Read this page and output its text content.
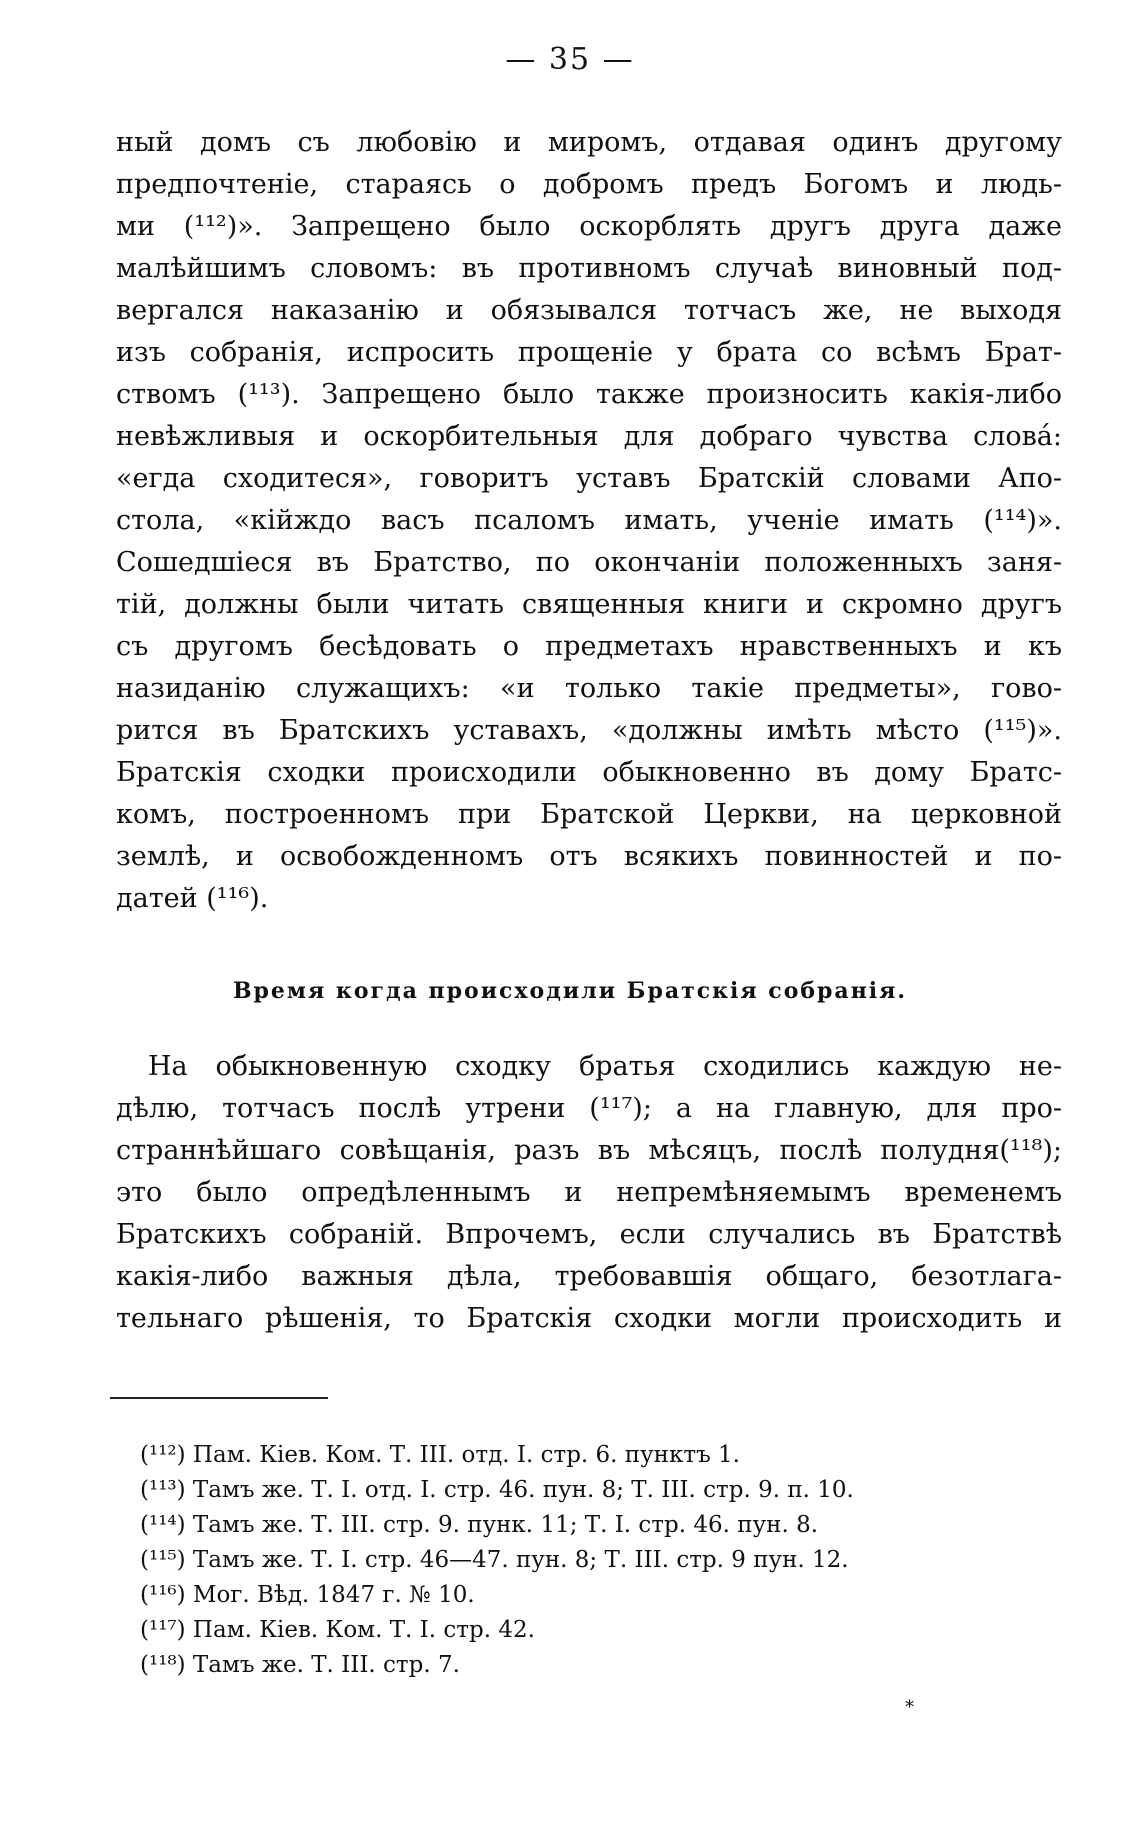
— 35 —
ный домъ съ любовію и миромъ, отдавая одинъ другому
предпочтеніе, стараясь о добромъ предъ Богомъ и людь-
ми (¹¹²)». Запрещено было оскорблять другъ друга даже
малѣйшимъ словомъ: въ противномъ случаѣ виновный под-
вергался наказанію и обязывался тотчасъ же, не выходя
изъ собранія, испросить прощеніе у брата со всѣмъ Брат-
ствомъ (¹¹³). Запрещено было также произносить какія-либо
невѣжливыя и оскорбительныя для добраго чувства слова́:
«егда сходитеся», говоритъ уставъ Братскій словами Апо-
стола, «кійждо васъ псаломъ имать, ученіе имать (¹¹⁴)».
Сошедшіеся въ Братство, по окончаніи положенныхъ заня-
тій, должны были читать священныя книги и скромно другъ
съ другомъ бесѣдовать о предметахъ нравственныхъ и къ
назиданію служащихъ: «и только такіе предметы», гово-
рится въ Братскихъ уставахъ, «должны имѣть мѣсто (¹¹⁵)».
Братскія сходки происходили обыкновенно въ дому Братс-
комъ, построенномъ при Братской Церкви, на церковной
землѣ, и освобожденномъ отъ всякихъ повинностей и по-
датей (¹¹⁶).
Время когда происходили Братскія собранія.
На обыкновенную сходку братья сходились каждую не-
дѣлю, тотчасъ послѣ утрени (¹¹⁷); а на главную, для про-
страннѣйшаго совѣщанія, разъ въ мѣсяцъ, послѣ полудня(¹¹⁸);
это было опредѣленнымъ и непремѣняемымъ временемъ
Братскихъ собраній. Впрочемъ, если случались въ Братствѣ
какія-либо важныя дѣла, требовавшія общаго, безотлага-
тельнаго рѣшенія, то Братскія сходки могли происходить и
(¹¹²) Пам. Кіев. Ком. Т. III. отд. I. стр. 6. пунктъ 1.
(¹¹³) Тамъ же. Т. I. отд. I. стр. 46. пун. 8; Т. III. стр. 9. п. 10.
(¹¹⁴) Тамъ же. Т. III. стр. 9. пунк. 11; Т. I. стр. 46. пун. 8.
(¹¹⁵) Тамъ же. Т. I. стр. 46—47. пун. 8; Т. III. стр. 9 пун. 12.
(¹¹⁶) Мог. Вѣд. 1847 г. № 10.
(¹¹⁷) Пам. Кіев. Ком. Т. I. стр. 42.
(¹¹⁸) Тамъ же. Т. III. стр. 7.
*
